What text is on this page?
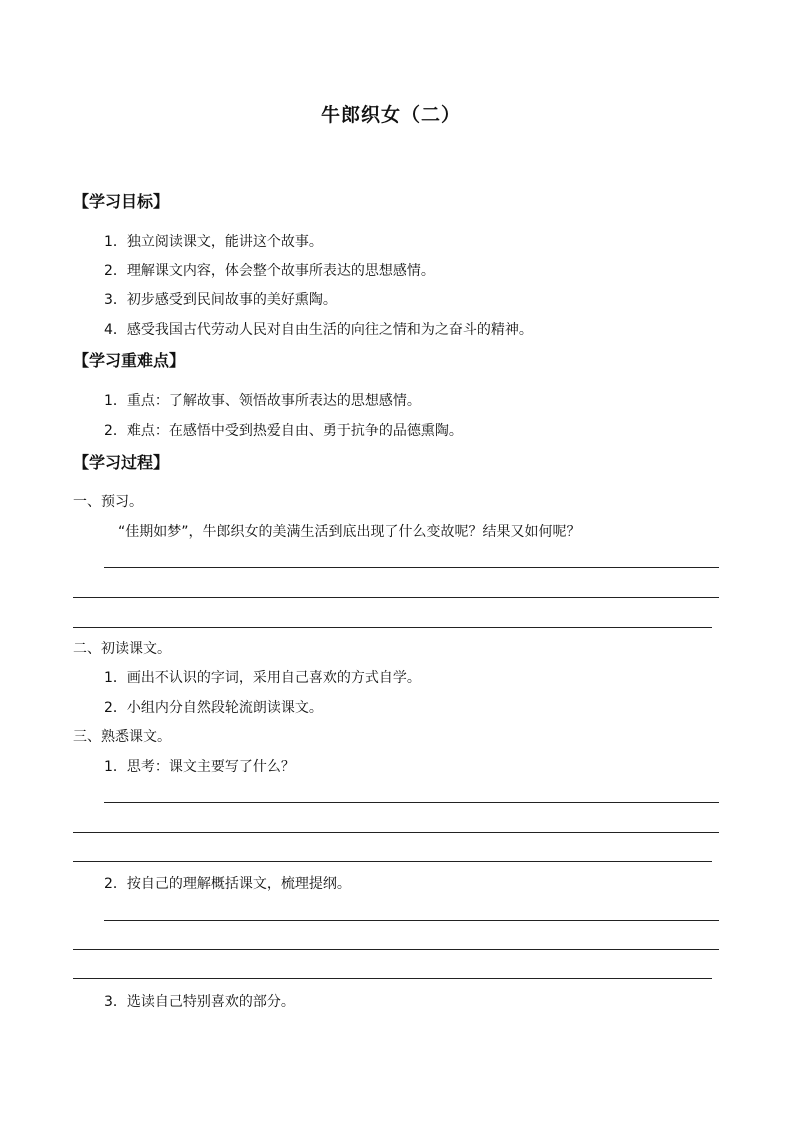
牛郎织女（二）
【学习目标】
1．独立阅读课文，能讲这个故事。
2．理解课文内容，体会整个故事所表达的思想感情。
3．初步感受到民间故事的美好熏陶。
4．感受我国古代劳动人民对自由生活的向往之情和为之奋斗的精神。
【学习重难点】
1．重点：了解故事、领悟故事所表达的思想感情。
2．难点：在感悟中受到热爱自由、勇于抗争的品德熏陶。
【学习过程】
一、预习。
“佳期如梦”，牛郎织女的美满生活到底出现了什么变故呢？结果又如何呢？
二、初读课文。
1．画出不认识的字词，采用自己喜欢的方式自学。
2．小组内分自然段轮流朗读课文。
三、熟悉课文。
1．思考：课文主要写了什么？
2．按自己的理解概括课文，梳理提纲。
3．选读自己特别喜欢的部分。
